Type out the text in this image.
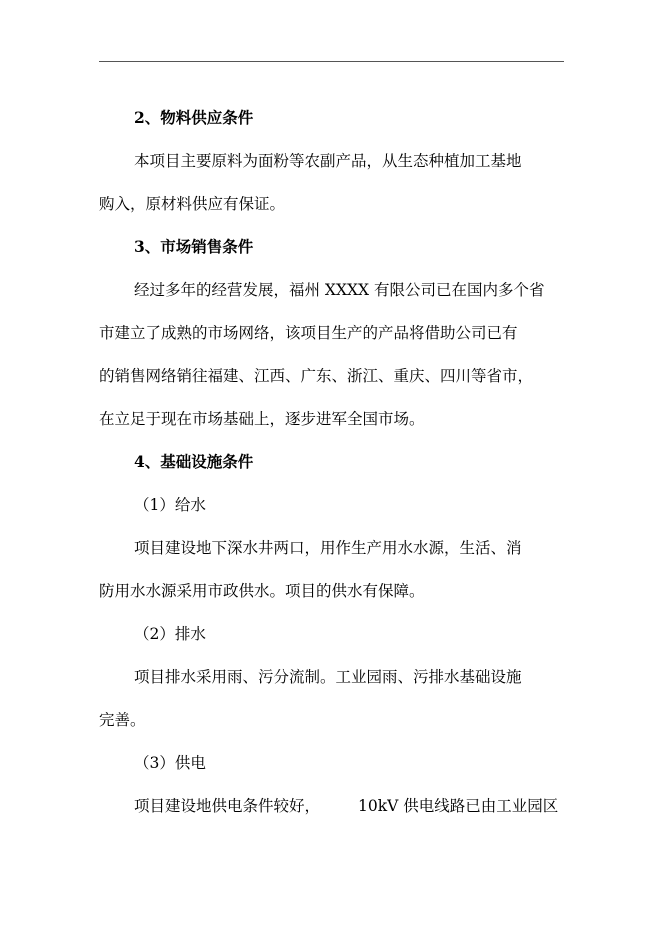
2、物料供应条件

本项目主要原料为面粉等农副产品，从生态种植加工基地

购入，原材料供应有保证。

3、市场销售条件

经过多年的经营发展，福州 XXXX 有限公司已在国内多个省

市建立了成熟的市场网络，该项目生产的产品将借助公司已有

的销售网络销往福建、江西、广东、浙江、重庆、四川等省市，

在立足于现在市场基础上，逐步进军全国市场。

4、基础设施条件

（1）给水

项目建设地下深水井两口，用作生产用水水源，生活、消

防用水水源采用市政供水。项目的供水有保障。

（2）排水

项目排水采用雨、污分流制。工业园雨、污排水基础设施

完善。

（3）供电

项目建设地供电条件较好， 10kV 供电线路已由工业园区
